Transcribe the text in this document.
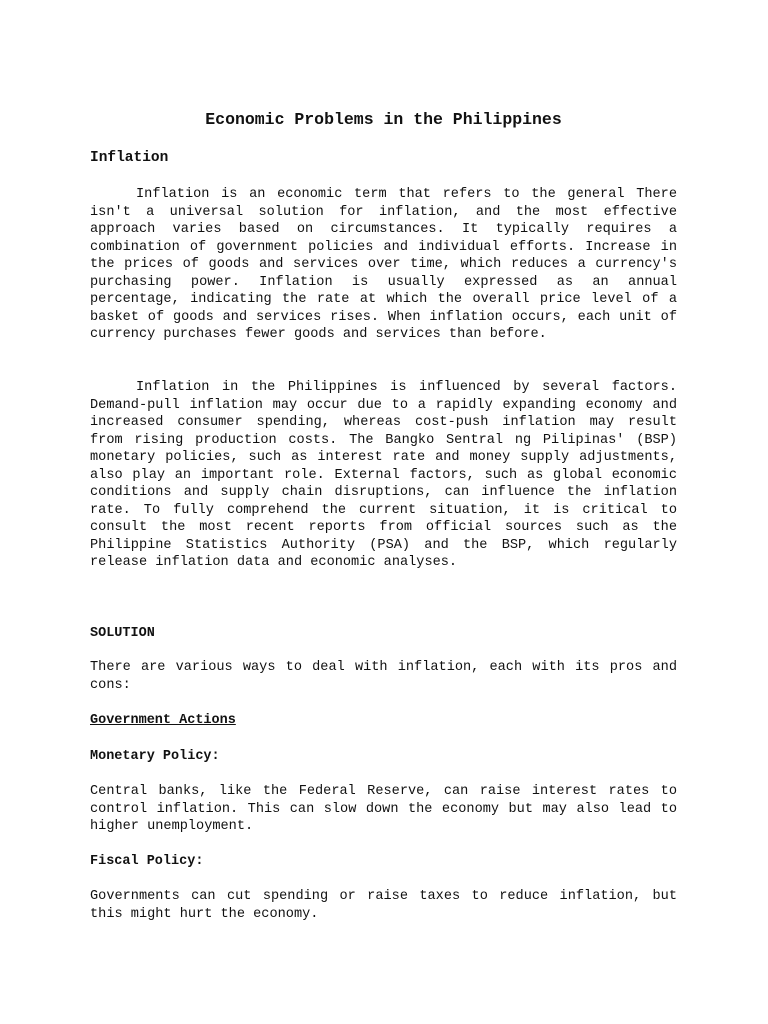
Economic Problems in the Philippines
Inflation

Inflation is an economic term that refers to the general There isn't a universal solution for inflation, and the most effective approach varies based on circumstances. It typically requires a combination of government policies and individual efforts. Increase in the prices of goods and services over time, which reduces a currency's purchasing power. Inflation is usually expressed as an annual percentage, indicating the rate at which the overall price level of a basket of goods and services rises. When inflation occurs, each unit of currency purchases fewer goods and services than before.

Inflation in the Philippines is influenced by several factors. Demand-pull inflation may occur due to a rapidly expanding economy and increased consumer spending, whereas cost-push inflation may result from rising production costs. The Bangko Sentral ng Pilipinas' (BSP) monetary policies, such as interest rate and money supply adjustments, also play an important role. External factors, such as global economic conditions and supply chain disruptions, can influence the inflation rate. To fully comprehend the current situation, it is critical to consult the most recent reports from official sources such as the Philippine Statistics Authority (PSA) and the BSP, which regularly release inflation data and economic analyses.

SOLUTION

There are various ways to deal with inflation, each with its pros and cons:

Government Actions
Monetary Policy:

Central banks, like the Federal Reserve, can raise interest rates to control inflation. This can slow down the economy but may also lead to higher unemployment.

Fiscal Policy:

Governments can cut spending or raise taxes to reduce inflation, but this might hurt the economy.
